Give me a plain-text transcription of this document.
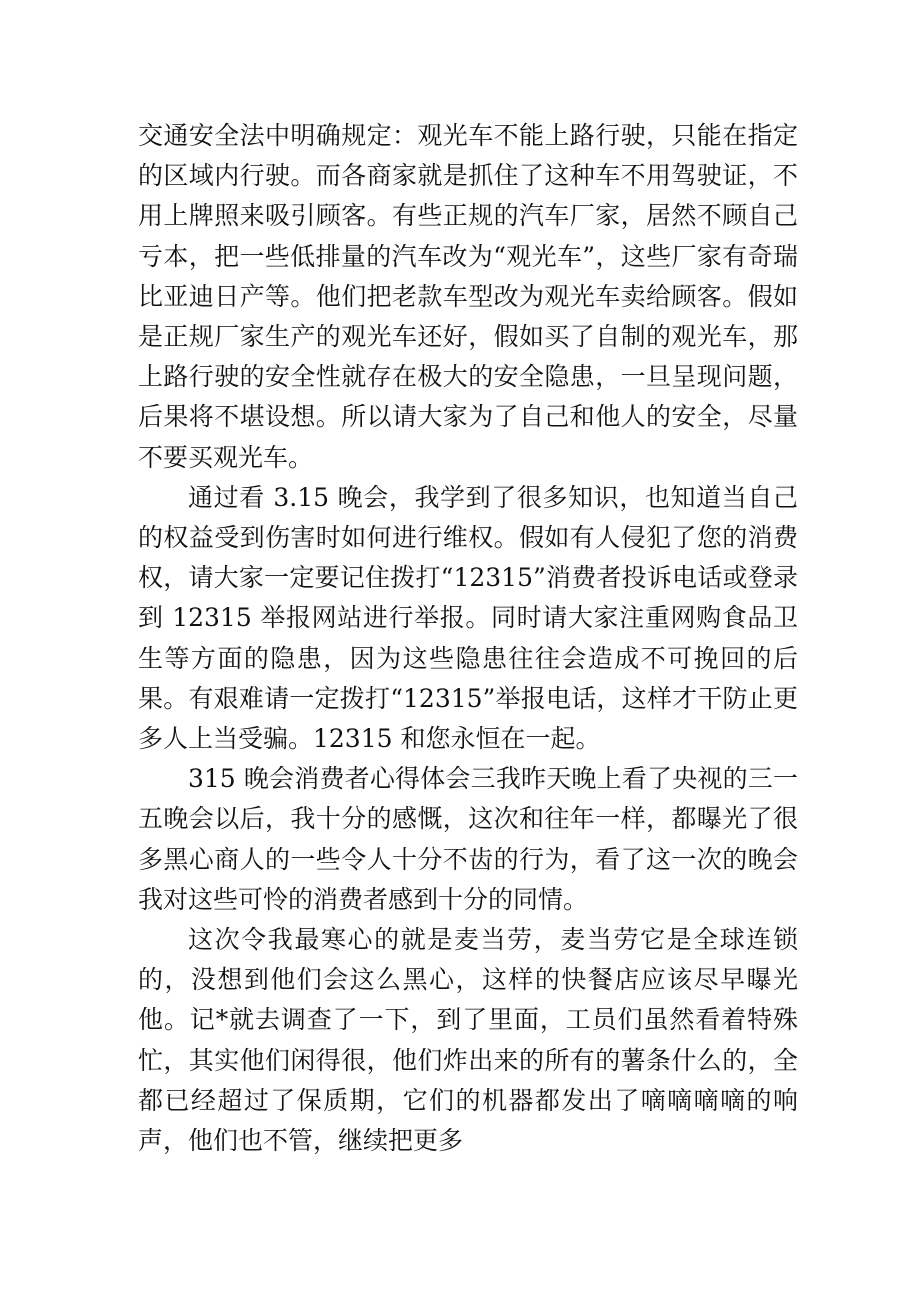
交通安全法中明确规定：观光车不能上路行驶，只能在指定的区域内行驶。而各商家就是抓住了这种车不用驾驶证，不用上牌照来吸引顾客。有些正规的汽车厂家，居然不顾自己亏本，把一些低排量的汽车改为“观光车”，这些厂家有奇瑞比亚迪日产等。他们把老款车型改为观光车卖给顾客。假如是正规厂家生产的观光车还好，假如买了自制的观光车，那上路行驶的安全性就存在极大的安全隐患，一旦呈现问题，后果将不堪设想。所以请大家为了自己和他人的安全，尽量不要买观光车。

通过看 3.15 晚会，我学到了很多知识，也知道当自己的权益受到伤害时如何进行维权。假如有人侵犯了您的消费权，请大家一定要记住拨打“12315”消费者投诉电话或登录到 12315 举报网站进行举报。同时请大家注重网购食品卫生等方面的隐患，因为这些隐患往往会造成不可挽回的后果。有艰难请一定拨打“12315”举报电话，这样才干防止更多人上当受骗。12315 和您永恒在一起。

315 晚会消费者心得体会三我昨天晚上看了央视的三一五晚会以后，我十分的感慨，这次和往年一样，都曝光了很多黑心商人的一些令人十分不齿的行为，看了这一次的晚会我对这些可怜的消费者感到十分的同情。

这次令我最寒心的就是麦当劳，麦当劳它是全球连锁的，没想到他们会这么黑心，这样的快餐店应该尽早曝光他。记*就去调查了一下，到了里面，工员们虽然看着特殊忙，其实他们闲得很，他们炸出来的所有的薯条什么的，全都已经超过了保质期，它们的机器都发出了嘀嘀嘀嘀的响声，他们也不管，继续把更多
